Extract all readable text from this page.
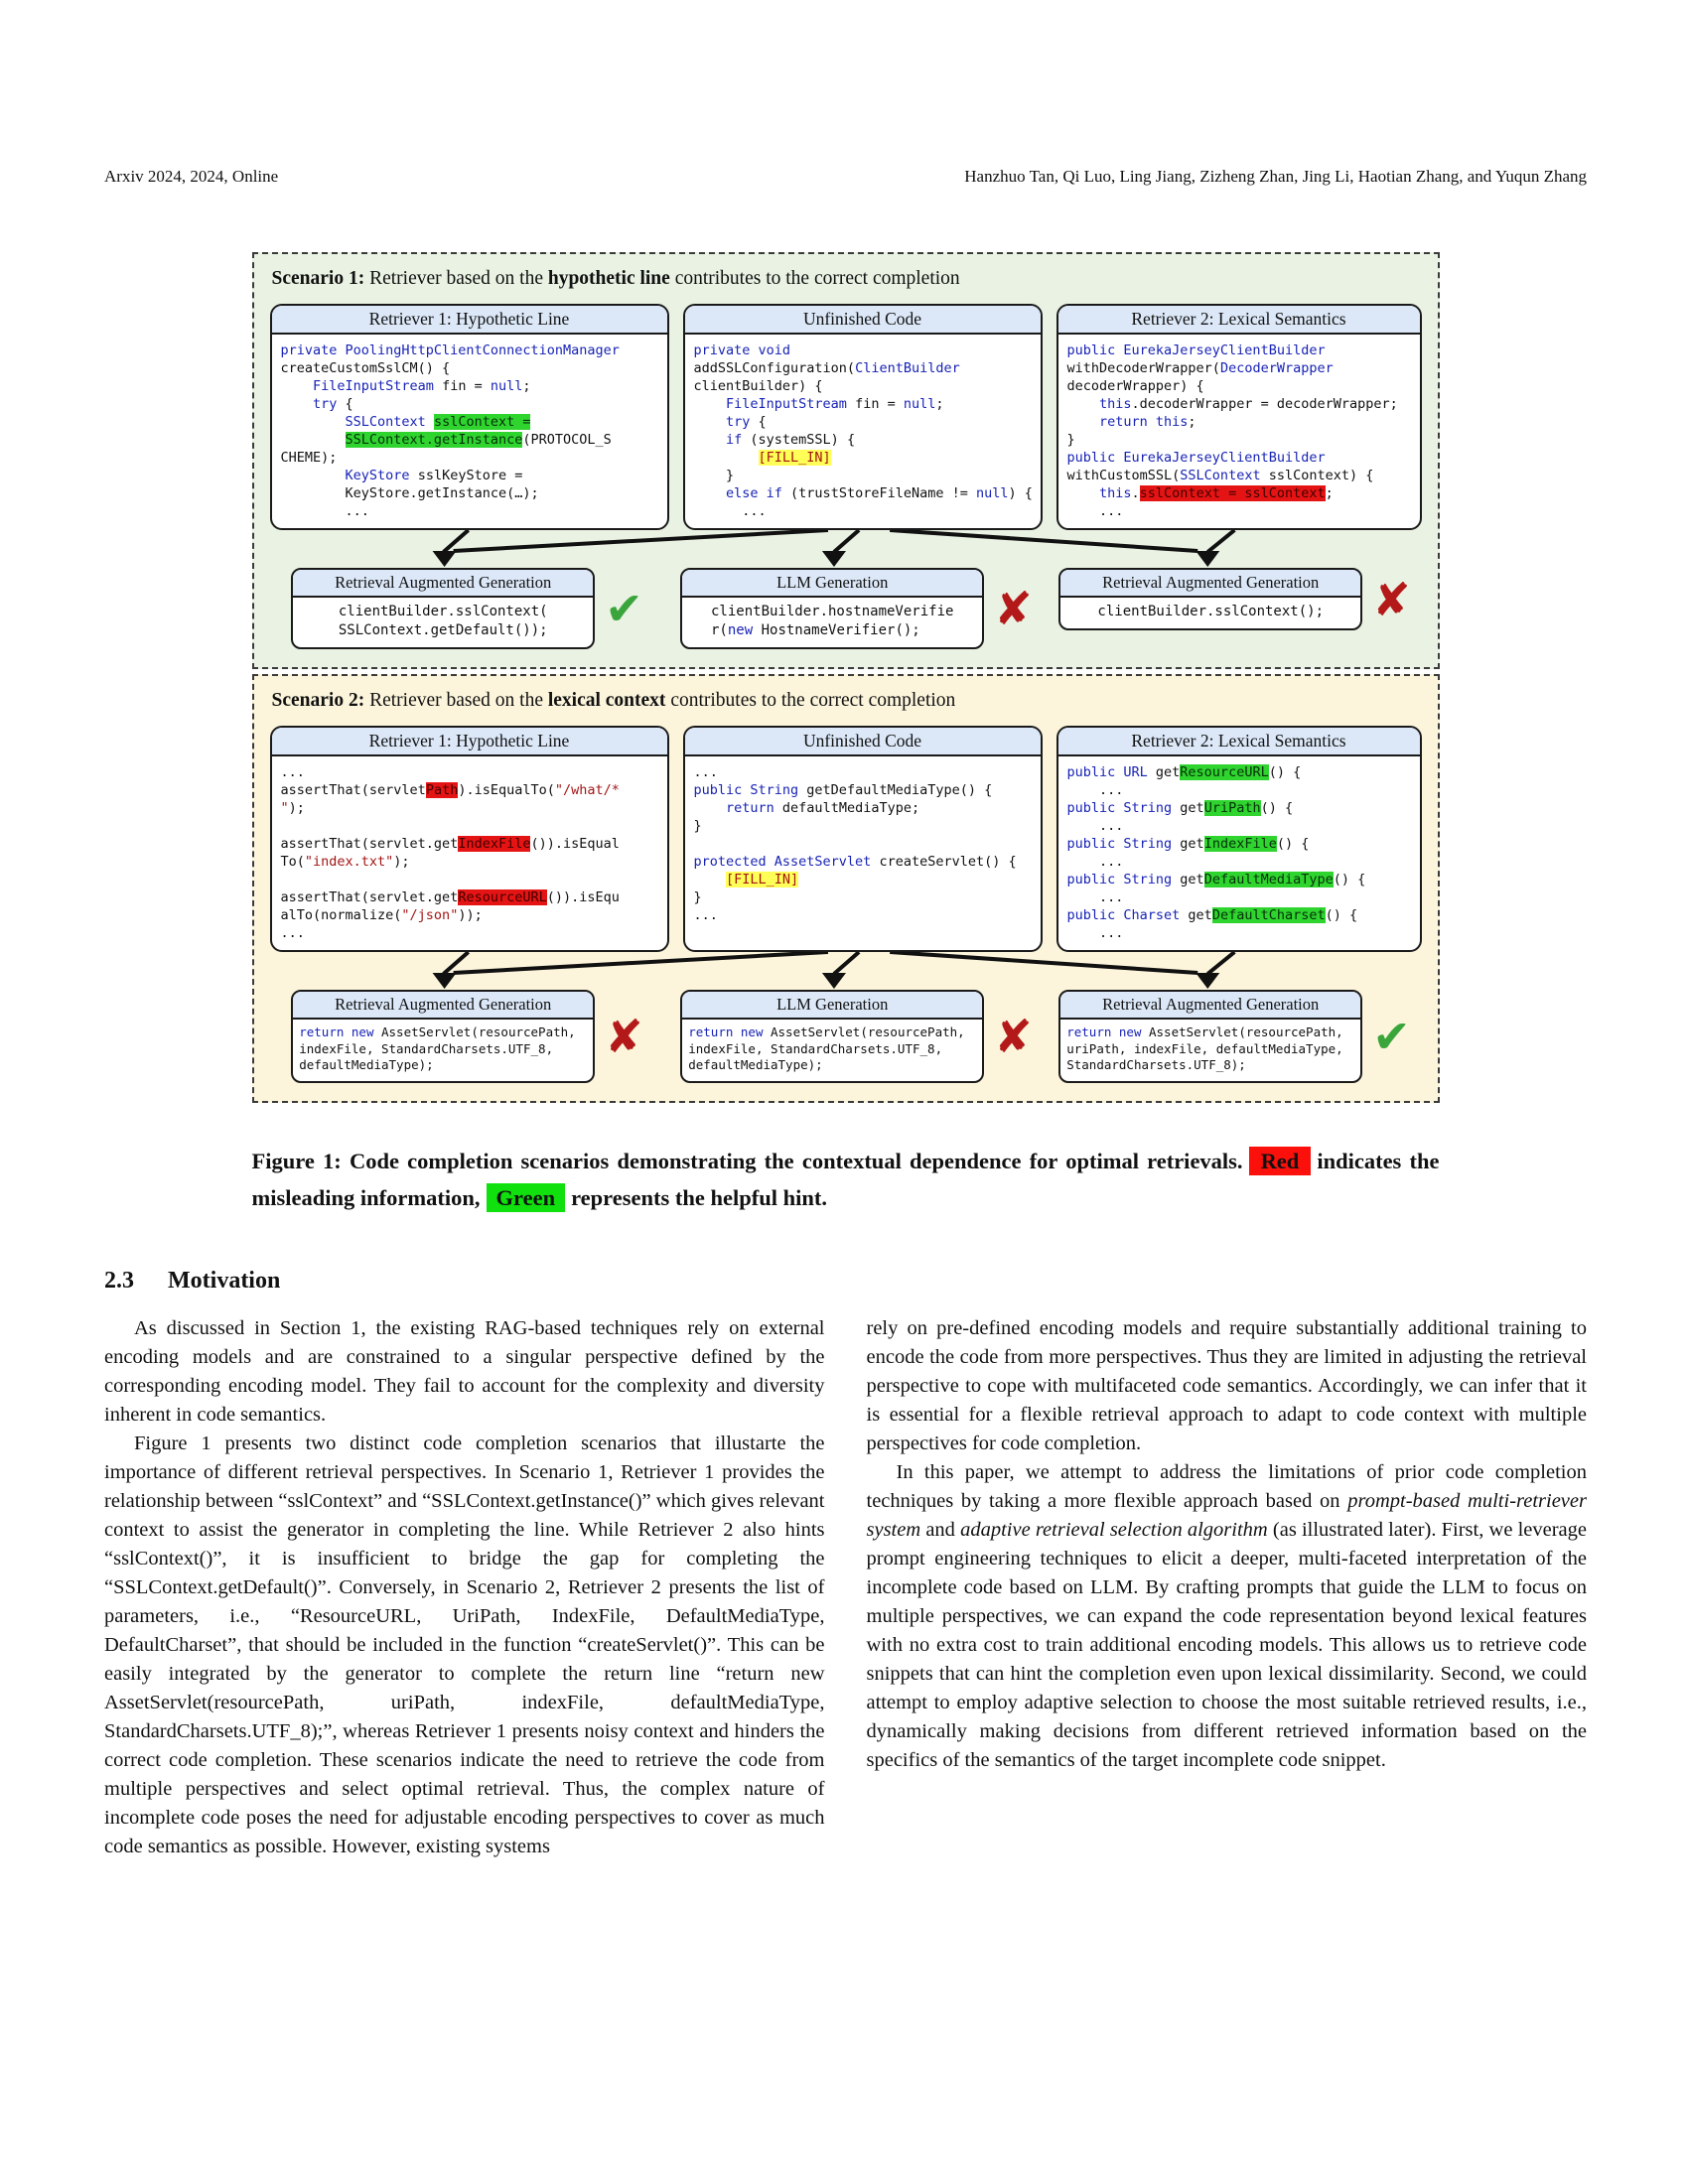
Arxiv 2024, 2024, Online	Hanzhuo Tan, Qi Luo, Ling Jiang, Zizheng Zhan, Jing Li, Haotian Zhang, and Yuqun Zhang
Scenario 1: Retriever based on the hypothetic line contributes to the correct completion
Retriever 1: Hypothetic Line
private PoolingHttpClientConnectionManager
createCustomSslCM() {
FileInputStream fin = null;
try {
SSLContext sslContext =
SSLContext.getInstance(PROTOCOL_S
CHEME);
KeyStore sslKeyStore =
KeyStore.getInstance(…);
...
Unfinished Code
private void
addSSLConfiguration(ClientBuilder
clientBuilder) {
FileInputStream fin = null;
try {
if (systemSSL) {
[FILL_IN]
}
else if (trustStoreFileName != null) {
...
Retriever 2: Lexical Semantics
public EurekaJerseyClientBuilder
withDecoderWrapper(DecoderWrapper
decoderWrapper) {
this.decoderWrapper = decoderWrapper;
return this;
}
public EurekaJerseyClientBuilder
withCustomSSL(SSLContext sslContext) {
this.sslContext = sslContext;
...
Retrieval Augmented Generation
clientBuilder.sslContext(
SSLContext.getDefault()); ✔	LLM Generation
clientBuilder.hostnameVerifie
r(new HostnameVerifier();	✘	Retrieval Augmented Generation
clientBuilder.sslContext(); ✘
Scenario 2: Retriever based on the lexical context contributes to the correct completion
Retriever 1: Hypothetic Line
...
assertThat(servletPath).isEqualTo("/what/*
");

assertThat(servlet.getIndexFile()).isEqual
To("index.txt");

assertThat(servlet.getResourceURL()).isEqu
alTo(normalize("/json"));
...
Unfinished Code
...
public String getDefaultMediaType() {
return defaultMediaType;
}

protected AssetServlet createServlet() {
[FILL_IN]
}
...
Retriever 2: Lexical Semantics
public URL getResourceURL() {
...
public String getUriPath() {
...
public String getIndexFile() {
...
public String getDefaultMediaType() {
...
public Charset getDefaultCharset() {
...
Retrieval Augmented Generation
return new AssetServlet(resourcePath,
indexFile, StandardCharsets.UTF_8,
defaultMediaType);
✘
LLM Generation
return new AssetServlet(resourcePath,
indexFile, StandardCharsets.UTF_8,
defaultMediaType);
✘
Retrieval Augmented Generation
return new AssetServlet(resourcePath,
uriPath, indexFile, defaultMediaType,
StandardCharsets.UTF_8);
✔
Figure 1: Code completion scenarios demonstrating the contextual dependence for optimal retrievals. Red indicates the misleading information, Green represents the helpful hint.
2.3 Motivation

As discussed in Section 1, the existing RAG-based techniques rely on external encoding models and are constrained to a singular perspective defined by the corresponding encoding model. They fail to account for the complexity and diversity inherent in code semantics.

Figure 1 presents two distinct code completion scenarios that illustarte the importance of different retrieval perspectives. In Scenario 1, Retriever 1 provides the relationship between “sslContext” and “SSLContext.getInstance()” which gives relevant context to assist the generator in completing the line. While Retriever 2 also hints “sslContext()”, it is insufficient to bridge the gap for completing the “SSLContext.getDefault()”. Conversely, in Scenario 2, Retriever 2 presents the list of parameters, i.e., “ResourceURL, UriPath, IndexFile, DefaultMediaType, DefaultCharset”, that should be included in the function “createServlet()”. This can be easily integrated by the generator to complete the return line “return new AssetServlet(resourcePath, uriPath, indexFile, defaultMediaType, StandardCharsets.UTF_8);”, whereas Retriever 1 presents noisy context and hinders the correct code completion. These scenarios indicate the need to retrieve the code from multiple perspectives and select optimal retrieval. Thus, the complex nature of incomplete code poses the need for adjustable encoding perspectives to cover as much code semantics as possible. However, existing systems

rely on pre-defined encoding models and require substantially additional training to encode the code from more perspectives. Thus they are limited in adjusting the retrieval perspective to cope with multifaceted code semantics. Accordingly, we can infer that it is essential for a flexible retrieval approach to adapt to code context with multiple perspectives for code completion.

In this paper, we attempt to address the limitations of prior code completion techniques by taking a more flexible approach based on prompt-based multi-retriever system and adaptive retrieval selection algorithm (as illustrated later). First, we leverage prompt engineering techniques to elicit a deeper, multi-faceted interpretation of the incomplete code based on LLM. By crafting prompts that guide the LLM to focus on multiple perspectives, we can expand the code representation beyond lexical features with no extra cost to train additional encoding models. This allows us to retrieve code snippets that can hint the completion even upon lexical dissimilarity. Second, we could attempt to employ adaptive selection to choose the most suitable retrieved results, i.e., dynamically making decisions from different retrieved information based on the specifics of the semantics of the target incomplete code snippet.
